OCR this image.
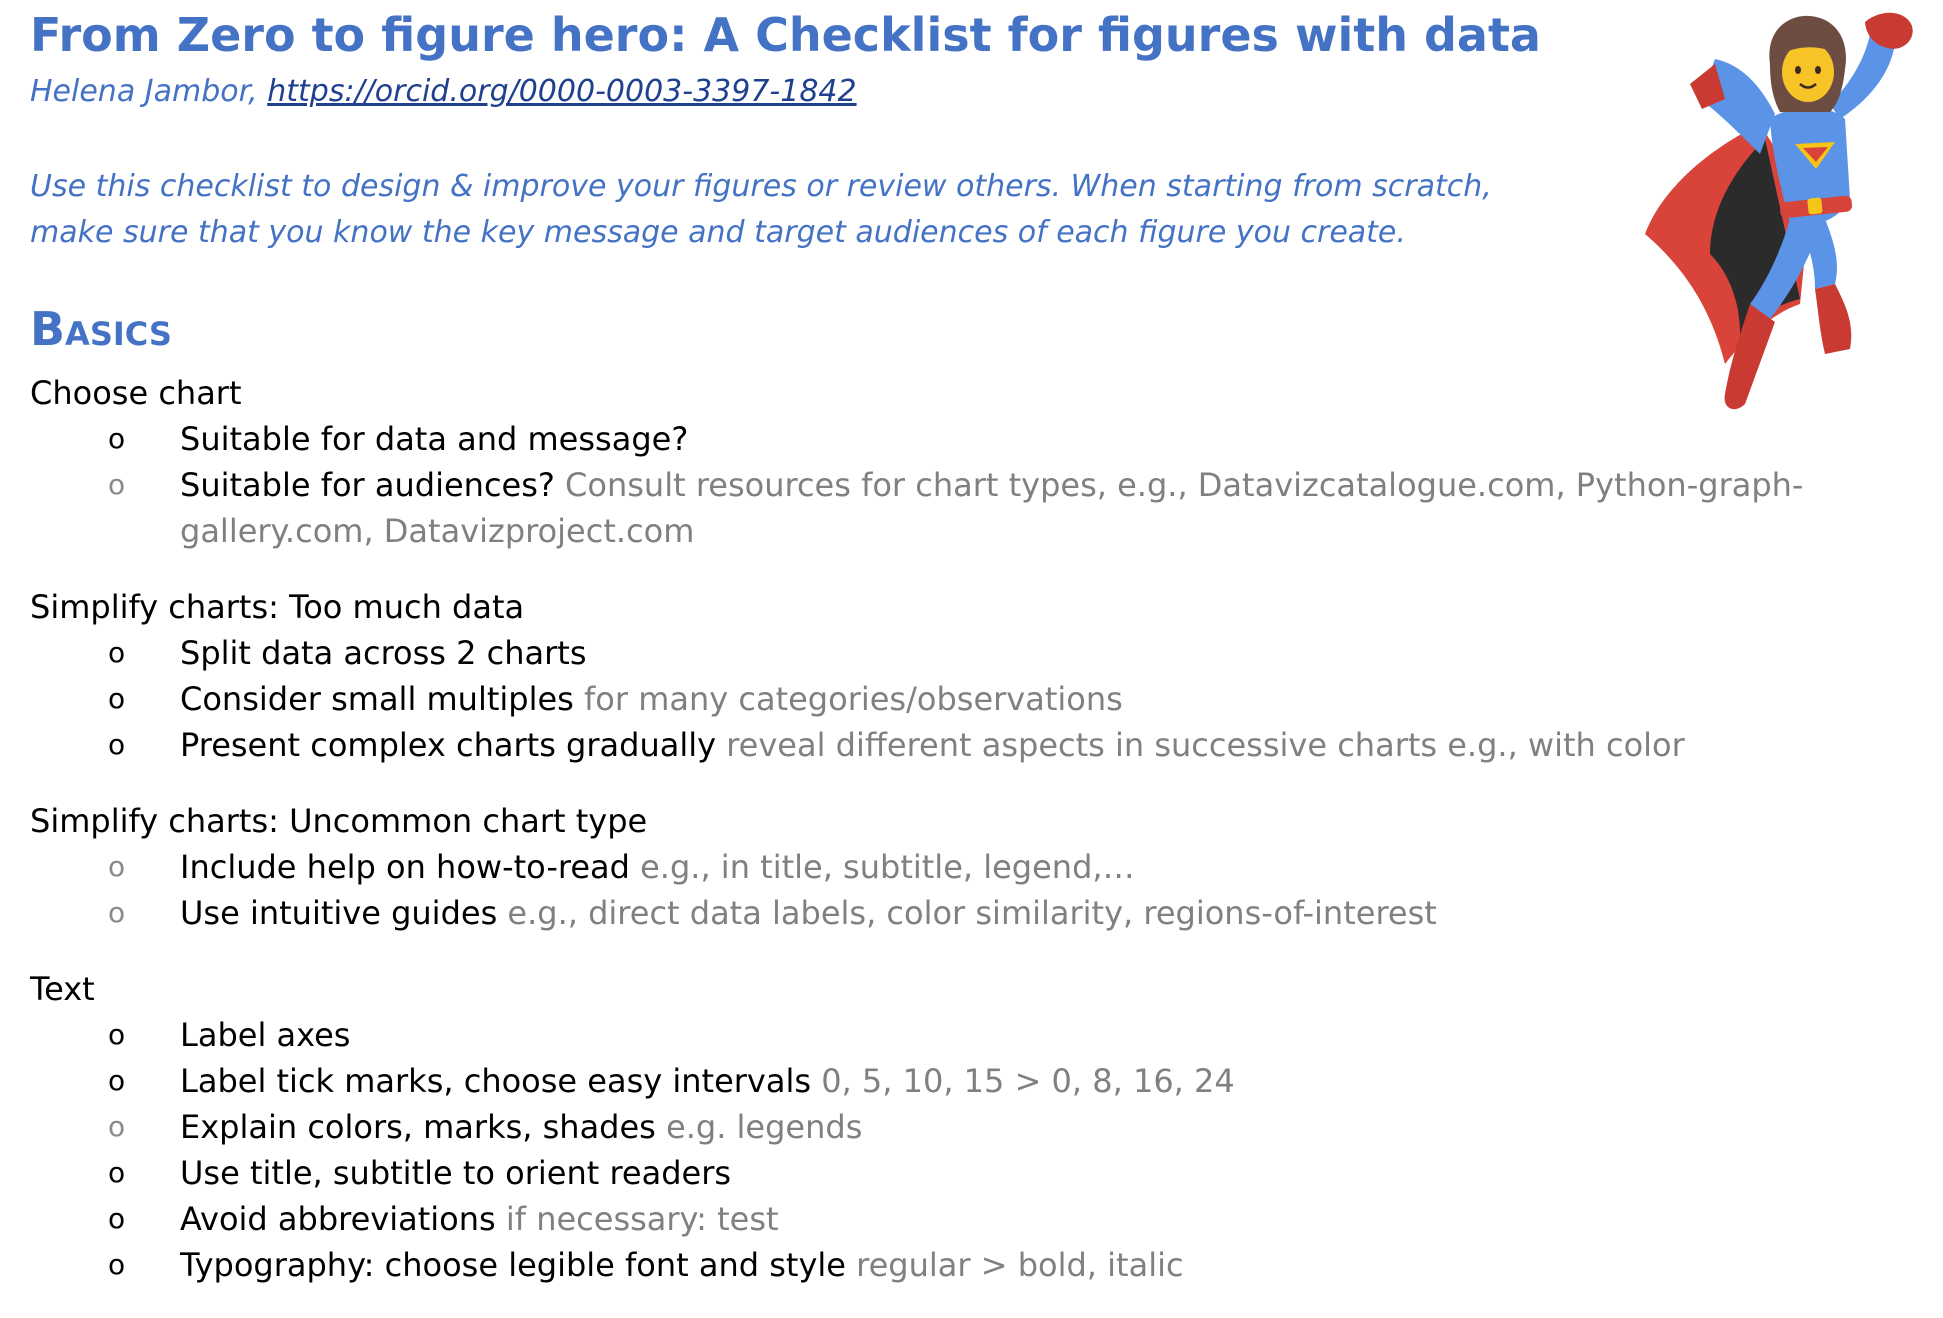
From Zero to figure hero: A Checklist for figures with data
Helena Jambor, https://orcid.org/0000-0003-3397-1842
Use this checklist to design & improve your figures or review others. When starting from scratch,
make sure that you know the key message and target audiences of each figure you create.
Basics
Choose chart
o Suitable for data and message?
o Suitable for audiences? Consult resources for chart types, e.g., Datavizcatalogue.com, Python-graph-gallery.com, Datavizproject.com
Simplify charts: Too much data
o Split data across 2 charts
o Consider small multiples for many categories/observations
o Present complex charts gradually reveal different aspects in successive charts e.g., with color
Simplify charts: Uncommon chart type
o Include help on how-to-read e.g., in title, subtitle, legend,…
o Use intuitive guides e.g., direct data labels, color similarity, regions-of-interest
Text
o Label axes
o Label tick marks, choose easy intervals 0, 5, 10, 15 > 0, 8, 16, 24
o Explain colors, marks, shades e.g. legends
o Use title, subtitle to orient readers
o Avoid abbreviations if necessary: test
o Typography: choose legible font and style regular > bold, italic
